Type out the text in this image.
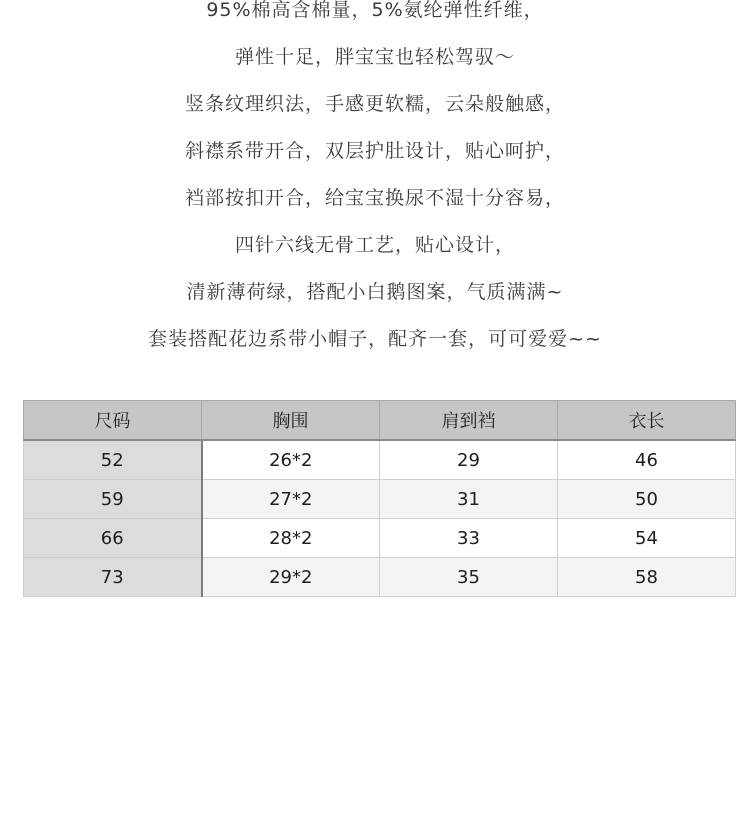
95%棉高含棉量，5%氨纶弹性纤维，
弹性十足，胖宝宝也轻松驾驭～
竖条纹理织法，手感更软糯，云朵般触感，
斜襟系带开合，双层护肚设计，贴心呵护，
裆部按扣开合，给宝宝换尿不湿十分容易，
四针六线无骨工艺，贴心设计，
清新薄荷绿，搭配小白鹅图案，气质满满~
套装搭配花边系带小帽子，配齐一套，可可爱爱~~
尺码	胸围	肩到裆	衣长
52	26*2	29	46
59	27*2	31	50
66	28*2	33	54
73	29*2	35	58
